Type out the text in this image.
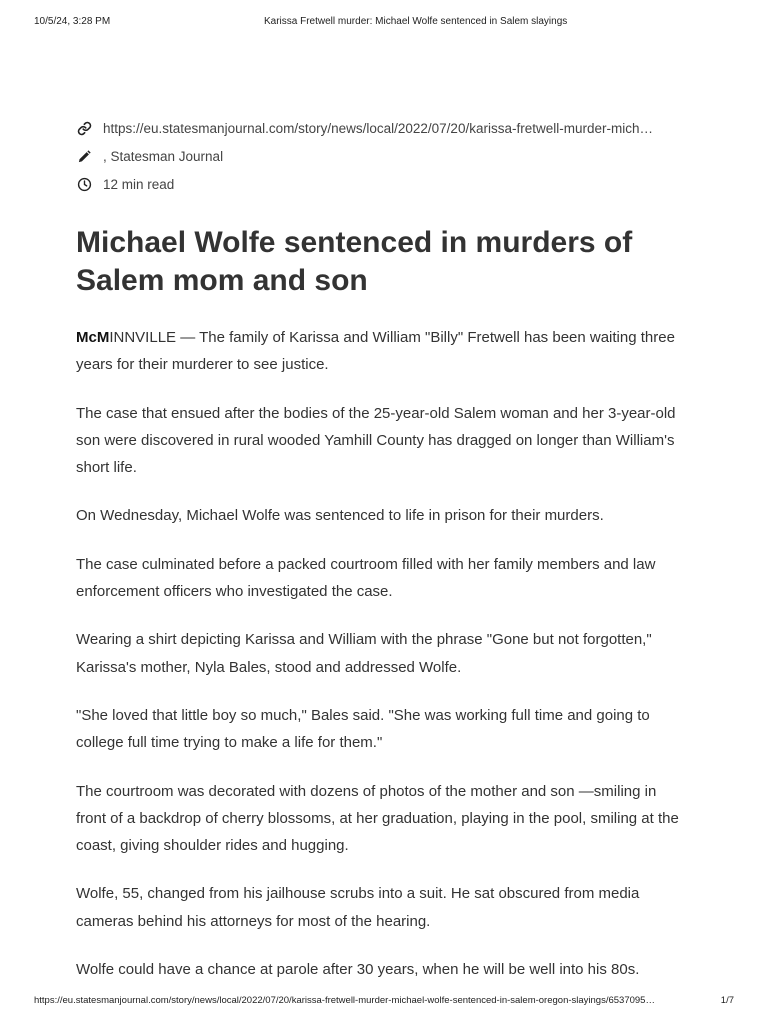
10/5/24, 3:28 PM	Karissa Fretwell murder: Michael Wolfe sentenced in Salem slayings
https://eu.statesmanjournal.com/story/news/local/2022/07/20/karissa-fretwell-murder-mich…
, Statesman Journal
12 min read
Michael Wolfe sentenced in murders of Salem mom and son

McMINNVILLE — The family of Karissa and William "Billy" Fretwell has been waiting three years for their murderer to see justice.

The case that ensued after the bodies of the 25-year-old Salem woman and her 3-year-old son were discovered in rural wooded Yamhill County has dragged on longer than William's short life.

On Wednesday, Michael Wolfe was sentenced to life in prison for their murders.

The case culminated before a packed courtroom filled with her family members and law enforcement officers who investigated the case.

Wearing a shirt depicting Karissa and William with the phrase "Gone but not forgotten," Karissa's mother, Nyla Bales, stood and addressed Wolfe.

"She loved that little boy so much," Bales said. "She was working full time and going to college full time trying to make a life for them."

The courtroom was decorated with dozens of photos of the mother and son —smiling in front of a backdrop of cherry blossoms, at her graduation, playing in the pool, smiling at the coast, giving shoulder rides and hugging.

Wolfe, 55, changed from his jailhouse scrubs into a suit. He sat obscured from media cameras behind his attorneys for most of the hearing.

Wolfe could have a chance at parole after 30 years, when he will be well into his 80s.

https://eu.statesmanjournal.com/story/news/local/2022/07/20/karissa-fretwell-murder-michael-wolfe-sentenced-in-salem-oregon-slayings/6537095…	1/7
